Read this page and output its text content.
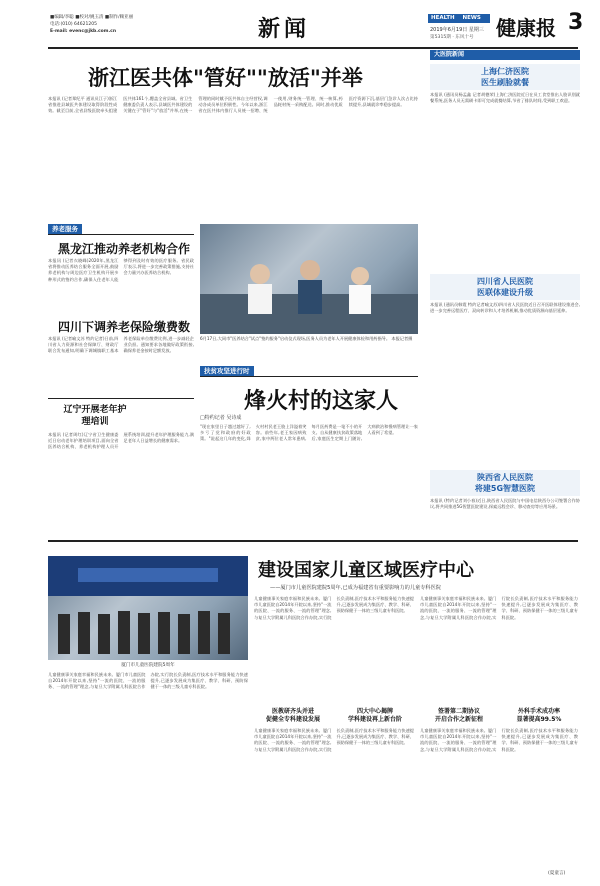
■编辑/李聪 ■校对/姚玉清 ■制作/赖亚丽
电话:(010) 64621205
E-mail: evenc@jkb.com.cn	新闻	HEALTH NEWS
2019年6月19日 星期三
第5315期 · 东风十号 健康报 3
浙江医共体"管好""放活"并举
本报讯 (记者郑纪平 通讯员江子)浙江省推进县域医共体建设取得阶段性成效。截至目前,全省县级医院牵头组建医共体161个,覆盖全省县域。省卫生健康委负责人表示,县域医共体建设的关键在于"管好"与"放活"并举,在统一管理的同时赋予医共体自主经营权,调动各成员单位积极性。今年以来,浙江省在医共体内推行人员统一招聘、统一使用,财务统一管理、统一核算,药品耗材统一采购配送。同时,推动优质医疗资源下沉,基层门急诊人次占比持续提升,县域就诊率稳步提高。
养老服务
黑龙江推动养老机构合作
本报讯 (记者衣晓峰)2020年,黑龙江省将推动医养结合服务全面开展,鼓励养老机构与周边医疗卫生机构开展多种形式的签约合作,确保入住老年人能够得到及时有效的医疗服务。省民政厅表示,将进一步完善政策措施,支持社会力量兴办医养结合机构。
四川下调养老保险缴费数
本报讯 (记者喻文苏 特约记者)日前,四川省人力资源和社会保障厅、财政厅联合发布通知,明确下调城镇职工基本养老保险单位缴费比例,进一步减轻企业负担。通知要求各地做好政策衔接,确保养老金按时足额发放。
辽宁开展老年护理培训
本报讯 (记者周红)辽宁省卫生健康委近日启动老年护理培训项目,面向全省医养结合机构、养老机构护理人员开展系统培训,提升老年护理服务能力,满足老年人日益增长的健康需求。
6月17日,大同市"医养结合"试点"签约服务"启动仪式现场,医务人员为老年人开展健康体检和用药指导。 本报记者摄
扶贫攻坚进行时
烽火村的这家人
□特约记者 吴诗成
"现在家里日子越过越好了,多亏了党和政府的好政策。"说起这几年的变化,烽火村村民老王脸上洋溢着笑容。前些年,老王家因病致贫,家中两位老人常年患病,每月医药费是一笔不小的开支。自从健康扶贫政策落地后,家庭医生定期上门随访,大病救治和慢病管理让一家人看到了希望。
大医院新闻
上海仁济医院
医生刷脸就餐
本报讯 (通讯员杨孟鑫 记者胡德荣)上海仁济医院近日在员工食堂推出人脸识别就餐系统,医务人员无需刷卡即可完成就餐结算,节省了排队时间,受到职工欢迎。
四川省人民医院
医联体建设升级
本报讯 (通讯员韩霞 特约记者喻文苏)四川省人民医院近日召开医联体建设推进会,进一步完善远程医疗、双向转诊和人才培养机制,推动优质资源向基层延伸。
陕西省人民医院
将建5G智慧医院
本报讯 (特约记者刘小春)近日,陕西省人民医院与中国电信陕西分公司签署合作协议,将共同推进5G智慧医院建设,探索远程会诊、移动查房等应用场景。
建设国家儿童区域医疗中心
——厦门市儿童医院建院5周年,已成为福建省有重要影响力的儿童专科医院
厦门市儿童医院建院5周年
儿童健康事关家庭幸福和民族未来。厦门市儿童医院自2014年开院以来,坚持"一流的医院、一流的服务、一流的管理"理念,与复旦大学附属儿科医院合作办院,实行院长负责制,医疗技术水平和服务能力快速提升,已逐步发展成为集医疗、教学、科研、预防保健于一体的三级儿童专科医院。
儿童健康事关家庭幸福和民族未来。厦门市儿童医院自2014年开院以来,坚持"一流的医院、一流的服务、一流的管理"理念,与复旦大学附属儿科医院合作办院,实行院长负责制,医疗技术水平和服务能力快速提升,已逐步发展成为集医疗、教学、科研、预防保健于一体的三级儿童专科医院。
医教研齐头并进
促健全专科建设发展
四大中心揭牌
学科建设再上新台阶
儿童健康事关家庭幸福和民族未来。厦门市儿童医院自2014年开院以来,坚持"一流的医院、一流的服务、一流的管理"理念,与复旦大学附属儿科医院合作办院,实行院长负责制,医疗技术水平和服务能力快速提升,已逐步发展成为集医疗、教学、科研、预防保健于一体的三级儿童专科医院。
儿童健康事关家庭幸福和民族未来。厦门市儿童医院自2014年开院以来,坚持"一流的医院、一流的服务、一流的管理"理念,与复旦大学附属儿科医院合作办院,实行院长负责制,医疗技术水平和服务能力快速提升,已逐步发展成为集医疗、教学、科研、预防保健于一体的三级儿童专科医院。
签署第二期协议
开启合作之新征程
外科手术成功率
显著提高99.5%
儿童健康事关家庭幸福和民族未来。厦门市儿童医院自2014年开院以来,坚持"一流的医院、一流的服务、一流的管理"理念,与复旦大学附属儿科医院合作办院,实行院长负责制,医疗技术水平和服务能力快速提升,已逐步发展成为集医疗、教学、科研、预防保健于一体的三级儿童专科医院。
(夏童言)
